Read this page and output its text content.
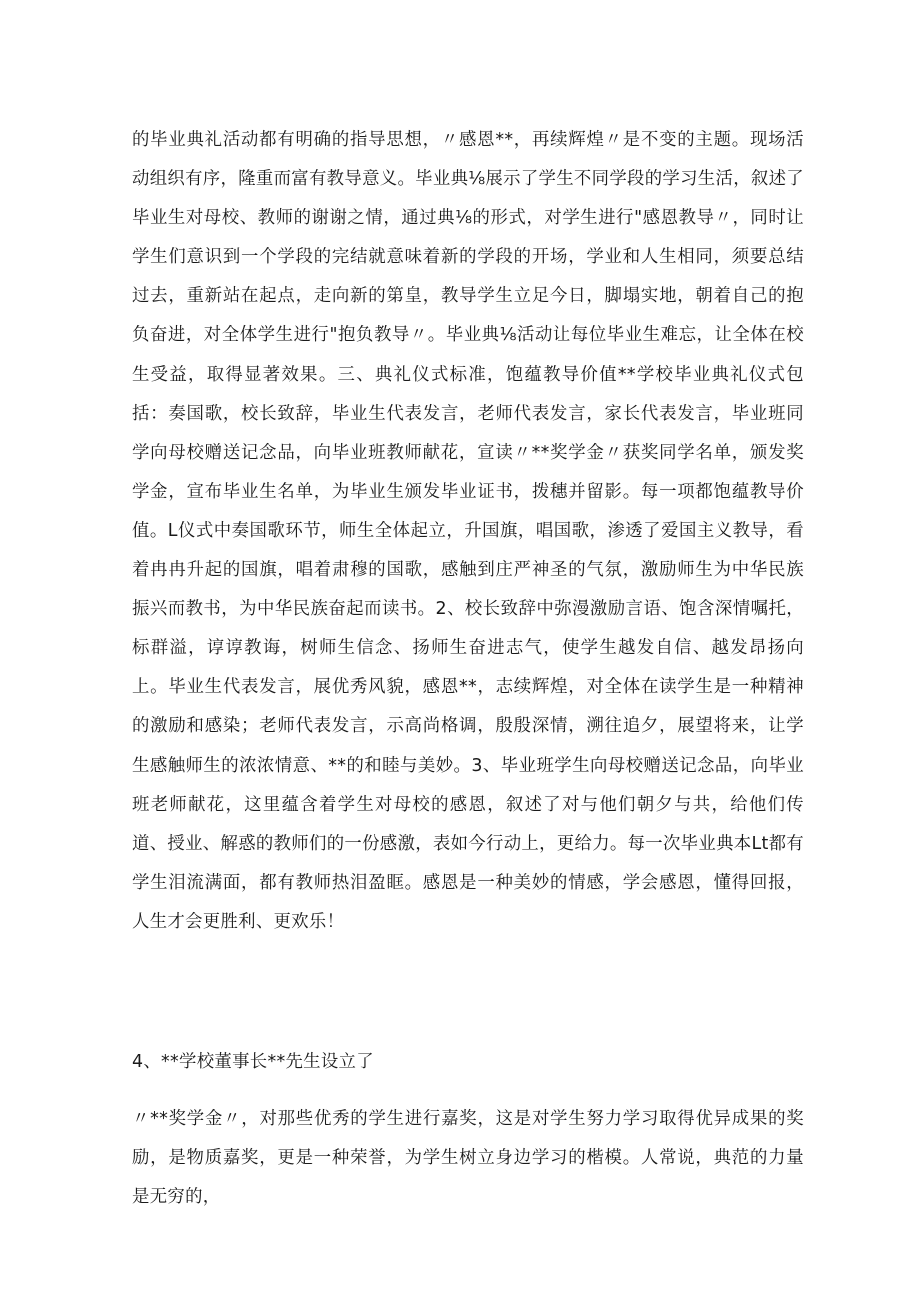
的毕业典礼活动都有明确的指导思想，〃感恩**，再续辉煌〃是不变的主题。现场活动组织有序，隆重而富有教导意义。毕业典⅛展示了学生不同学段的学习生活，叙述了毕业生对母校、教师的谢谢之情，通过典⅛的形式，对学生进行"感恩教导〃，同时让学生们意识到一个学段的完结就意味着新的学段的开场，学业和人生相同，须要总结过去，重新站在起点，走向新的第皇，教导学生立足今日，脚塌实地，朝着自己的抱负奋进，对全体学生进行"抱负教导〃。毕业典⅛活动让每位毕业生难忘，让全体在校生受益，取得显著效果。三、典礼仪式标准，饱蕴教导价值**学校毕业典礼仪式包括：奏国歌，校长致辞，毕业生代表发言，老师代表发言，家长代表发言，毕业班同学向母校赠送记念品，向毕业班教师献花，宣读〃**奖学金〃获奖同学名单，颁发奖学金，宣布毕业生名单，为毕业生颁发毕业证书，拨穗并留影。每一项都饱蕴教导价值。L仪式中奏国歌环节，师生全体起立，升国旗，唱国歌，渗透了爱国主义教导，看着冉冉升起的国旗，唱着肃穆的国歌，感触到庄严神圣的气氛，激励师生为中华民族振兴而教书，为中华民族奋起而读书。2、校长致辞中弥漫激励言语、饱含深情嘱托，标群溢，谆谆教诲，树师生信念、扬师生奋进志气，使学生越发自信、越发昂扬向上。毕业生代表发言，展优秀风貌，感恩**，志续辉煌，对全体在读学生是一种精神的激励和感染；老师代表发言，示高尚格调，殷殷深情，溯往追夕，展望将来，让学生感触师生的浓浓情意、**的和睦与美妙。3、毕业班学生向母校赠送记念品，向毕业班老师献花，这里蕴含着学生对母校的感恩，叙述了对与他们朝夕与共，给他们传道、授业、解惑的教师们的一份感激，表如今行动上，更给力。每一次毕业典本Lt都有学生泪流满面，都有教师热泪盈眶。感恩是一种美妙的情感，学会感恩，懂得回报，人生才会更胜利、更欢乐！

4、**学校董事长**先生设立了

〃**奖学金〃，对那些优秀的学生进行嘉奖，这是对学生努力学习取得优异成果的奖励，是物质嘉奖，更是一种荣誉，为学生树立身边学习的楷模。人常说，典范的力量是无穷的，
